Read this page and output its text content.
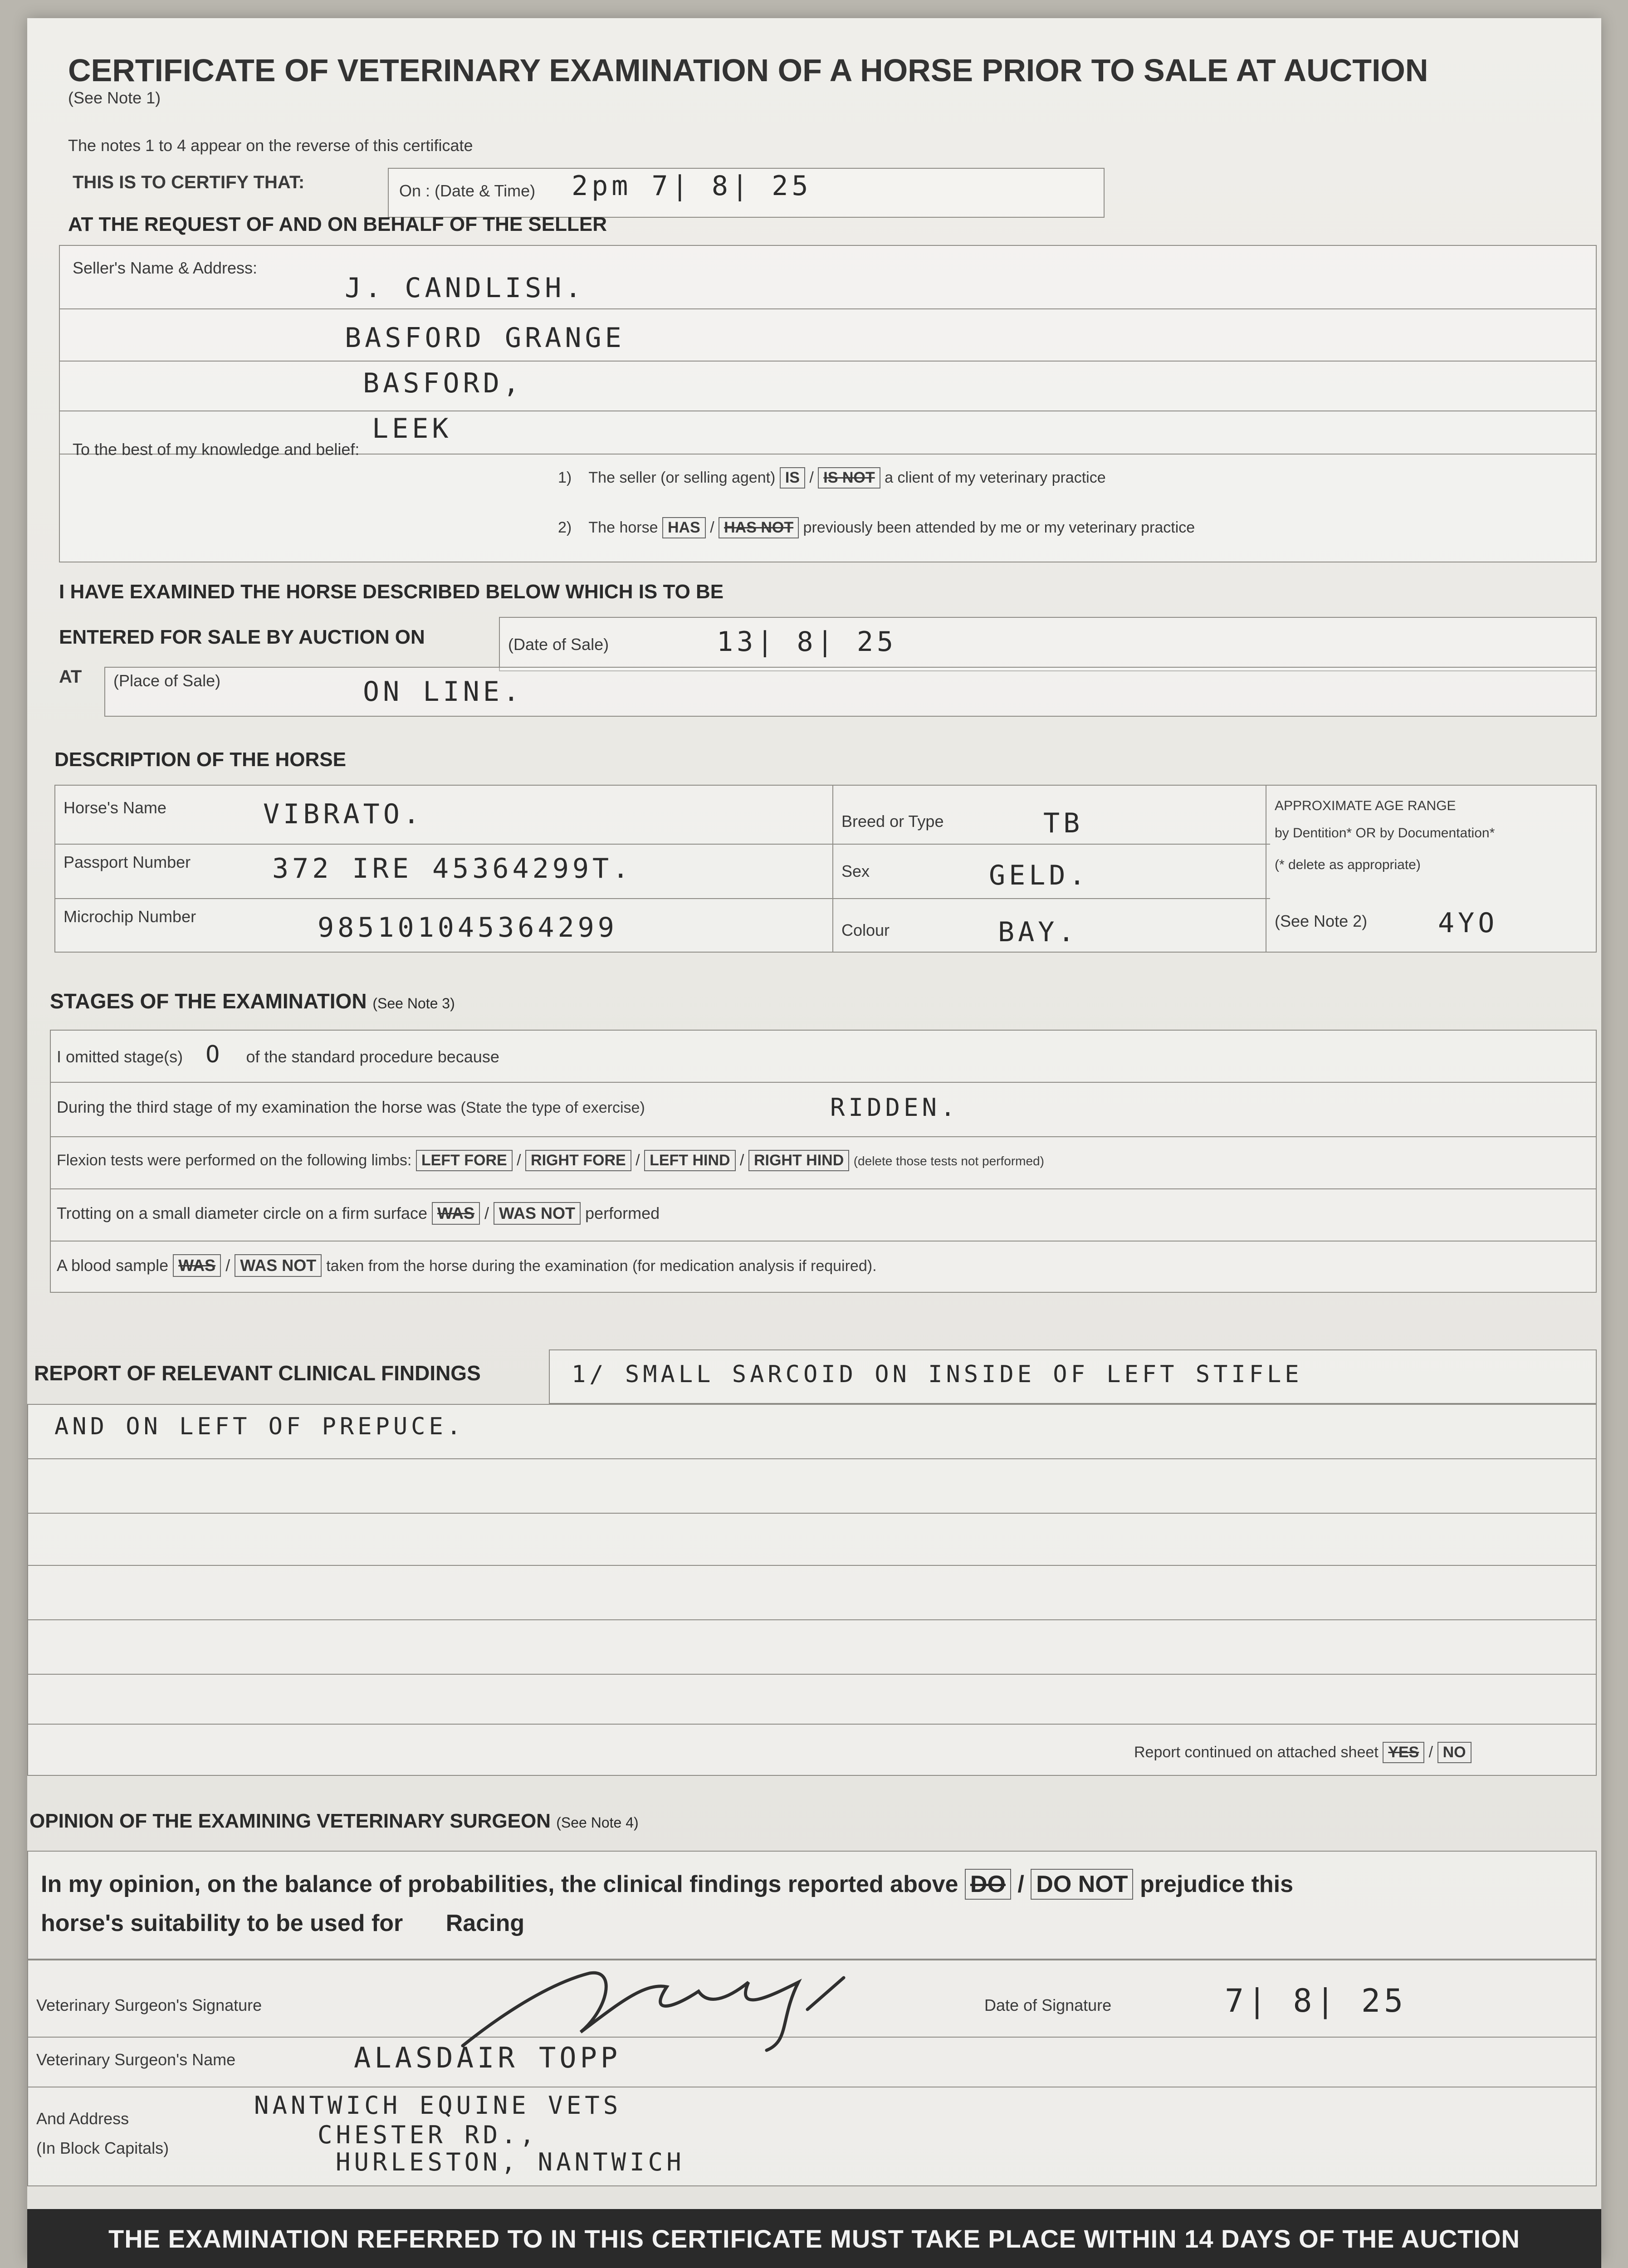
CERTIFICATE OF VETERINARY EXAMINATION OF A HORSE PRIOR TO SALE AT AUCTION
(See Note 1)
The notes 1 to 4 appear on the reverse of this certificate
THIS IS TO CERTIFY THAT:	On : (Date & Time) 2pm 7| 8| 25
AT THE REQUEST OF AND ON BEHALF OF THE SELLER
Seller's Name & Address:
J. CANDLISH.
BASFORD GRANGE
BASFORD,
LEEK
To the best of my knowledge and belief:
1) The seller (or selling agent) IS / IS NOT a client of my veterinary practice
2) The horse HAS / HAS NOT previously been attended by me or my veterinary practice
I HAVE EXAMINED THE HORSE DESCRIBED BELOW WHICH IS TO BE
ENTERED FOR SALE BY AUCTION ON	(Date of Sale)	13| 8| 25
AT (Place of Sale)	ON LINE.
DESCRIPTION OF THE HORSE
Horse's Name	VIBRATO.
Passport Number	372 IRE 45364299T.
Microchip Number	985101045364299
Breed or Type	TB
Sex	GELD.
Colour	BAY.
APPROXIMATE AGE RANGE
by Dentition* OR by Documentation*
(* delete as appropriate)
(See Note 2)	4YO
STAGES OF THE EXAMINATION (See Note 3)
I omitted stage(s) O of the standard procedure because
During the third stage of my examination the horse was (State the type of exercise)	RIDDEN.
Flexion tests were performed on the following limbs: LEFT FORE / RIGHT FORE / LEFT HIND / RIGHT HIND (delete those tests not performed)
Trotting on a small diameter circle on a firm surface WAS / WAS NOT performed
A blood sample WAS / WAS NOT taken from the horse during the examination (for medication analysis if required).
REPORT OF RELEVANT CLINICAL FINDINGS	1/ SMALL SARCOID ON INSIDE OF LEFT STIFLE
AND ON LEFT OF PREPUCE.
Report continued on attached sheet YES / NO
OPINION OF THE EXAMINING VETERINARY SURGEON (See Note 4)
In my opinion, on the balance of probabilities, the clinical findings reported above DO / DO NOT prejudice this
horse's suitability to be used for Racing
Veterinary Surgeon's Signature	Date of Signature	7| 8| 25
Veterinary Surgeon's Name	ALASDAIR TOPP
And Address
(In Block Capitals)
NANTWICH EQUINE VETS
CHESTER RD.,
HURLESTON, NANTWICH
THE EXAMINATION REFERRED TO IN THIS CERTIFICATE MUST TAKE PLACE WITHIN 14 DAYS OF THE AUCTION
